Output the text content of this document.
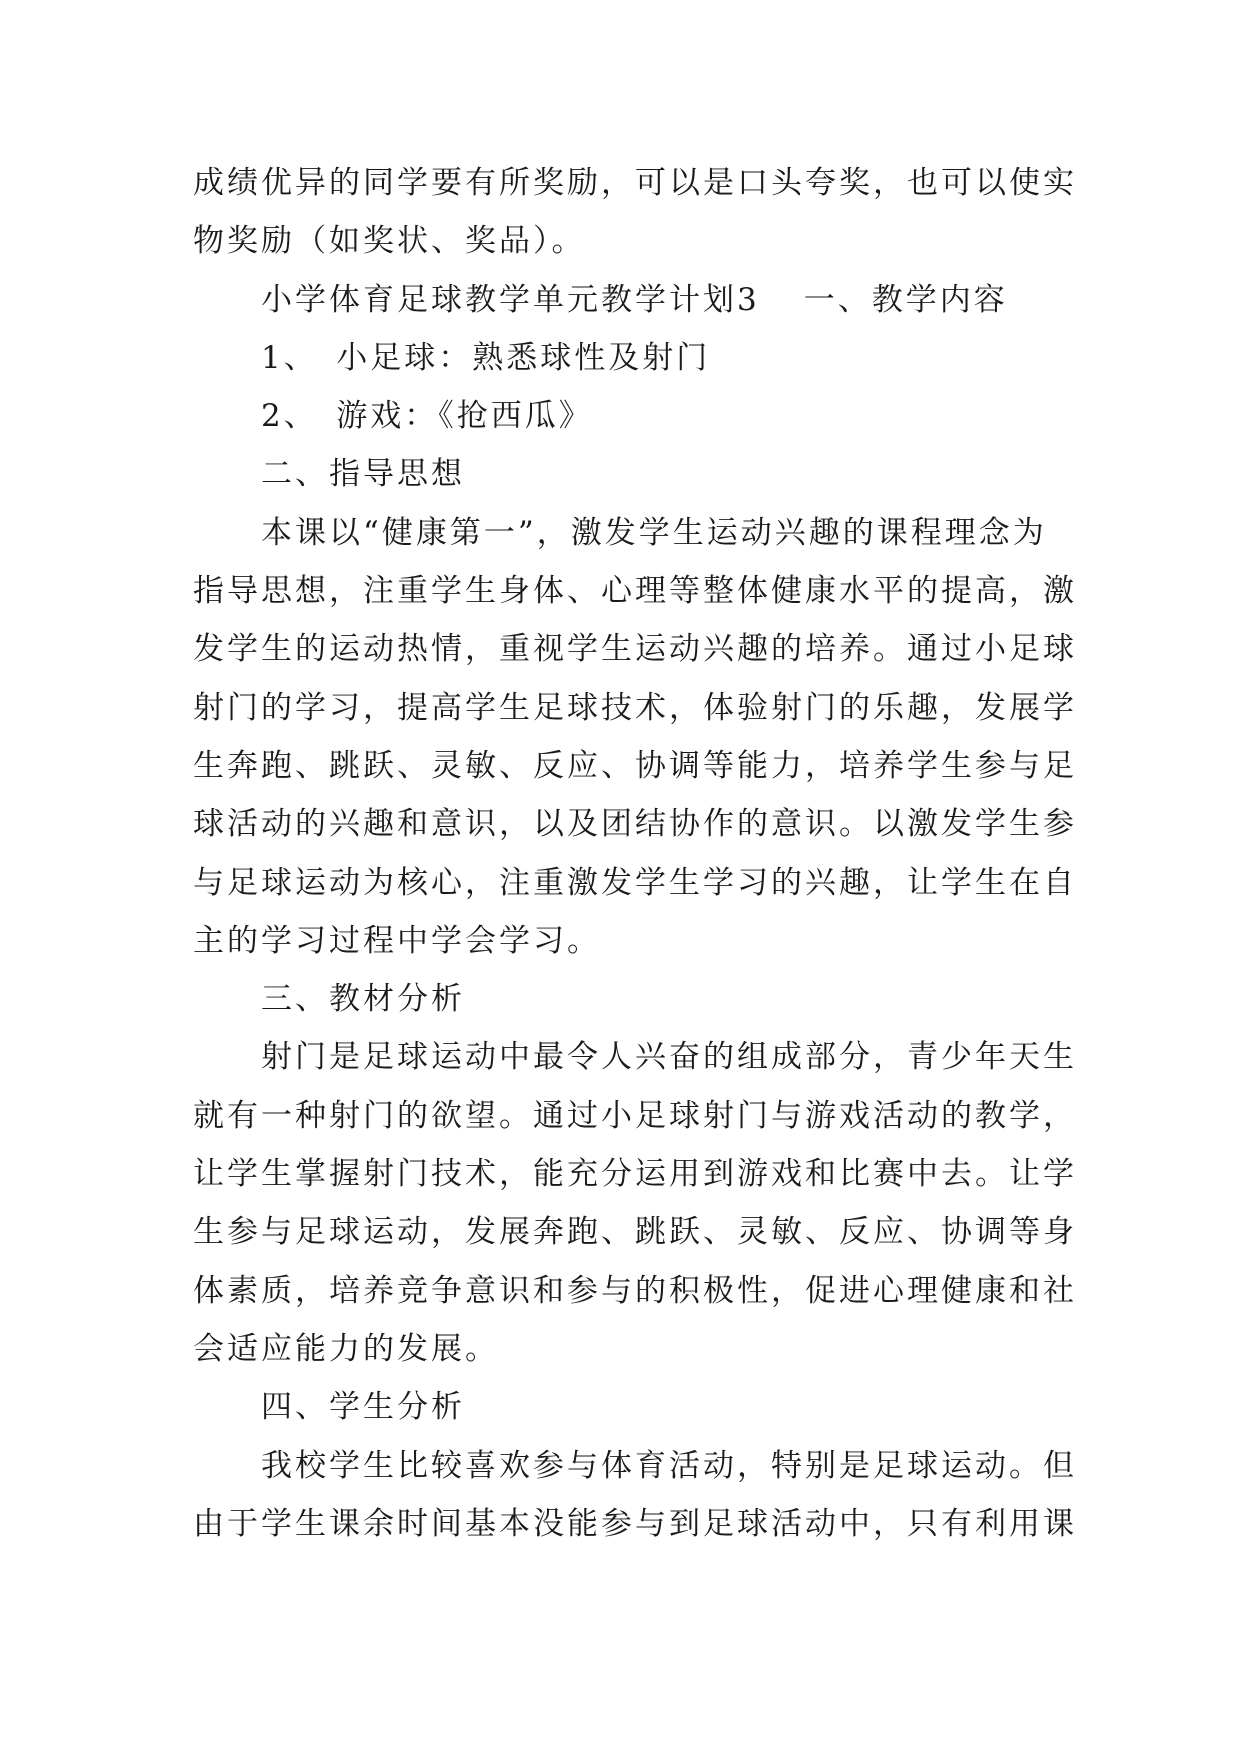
成绩优异的同学要有所奖励，可以是口头夸奖，也可以使实
物奖励（如奖状、奖品）。
小学体育足球教学单元教学计划3 一、教学内容
1、　小足球：熟悉球性及射门
2、　游戏：《抢西瓜》
二、指导思想
本课以“健康第一”，激发学生运动兴趣的课程理念为
指导思想，注重学生身体、心理等整体健康水平的提高，激
发学生的运动热情，重视学生运动兴趣的培养。通过小足球
射门的学习，提高学生足球技术，体验射门的乐趣，发展学
生奔跑、跳跃、灵敏、反应、协调等能力，培养学生参与足
球活动的兴趣和意识，以及团结协作的意识。以激发学生参
与足球运动为核心，注重激发学生学习的兴趣，让学生在自
主的学习过程中学会学习。
三、教材分析
射门是足球运动中最令人兴奋的组成部分，青少年天生
就有一种射门的欲望。通过小足球射门与游戏活动的教学，
让学生掌握射门技术，能充分运用到游戏和比赛中去。让学
生参与足球运动，发展奔跑、跳跃、灵敏、反应、协调等身
体素质，培养竞争意识和参与的积极性，促进心理健康和社
会适应能力的发展。
四、学生分析
我校学生比较喜欢参与体育活动，特别是足球运动。但
由于学生课余时间基本没能参与到足球活动中，只有利用课
